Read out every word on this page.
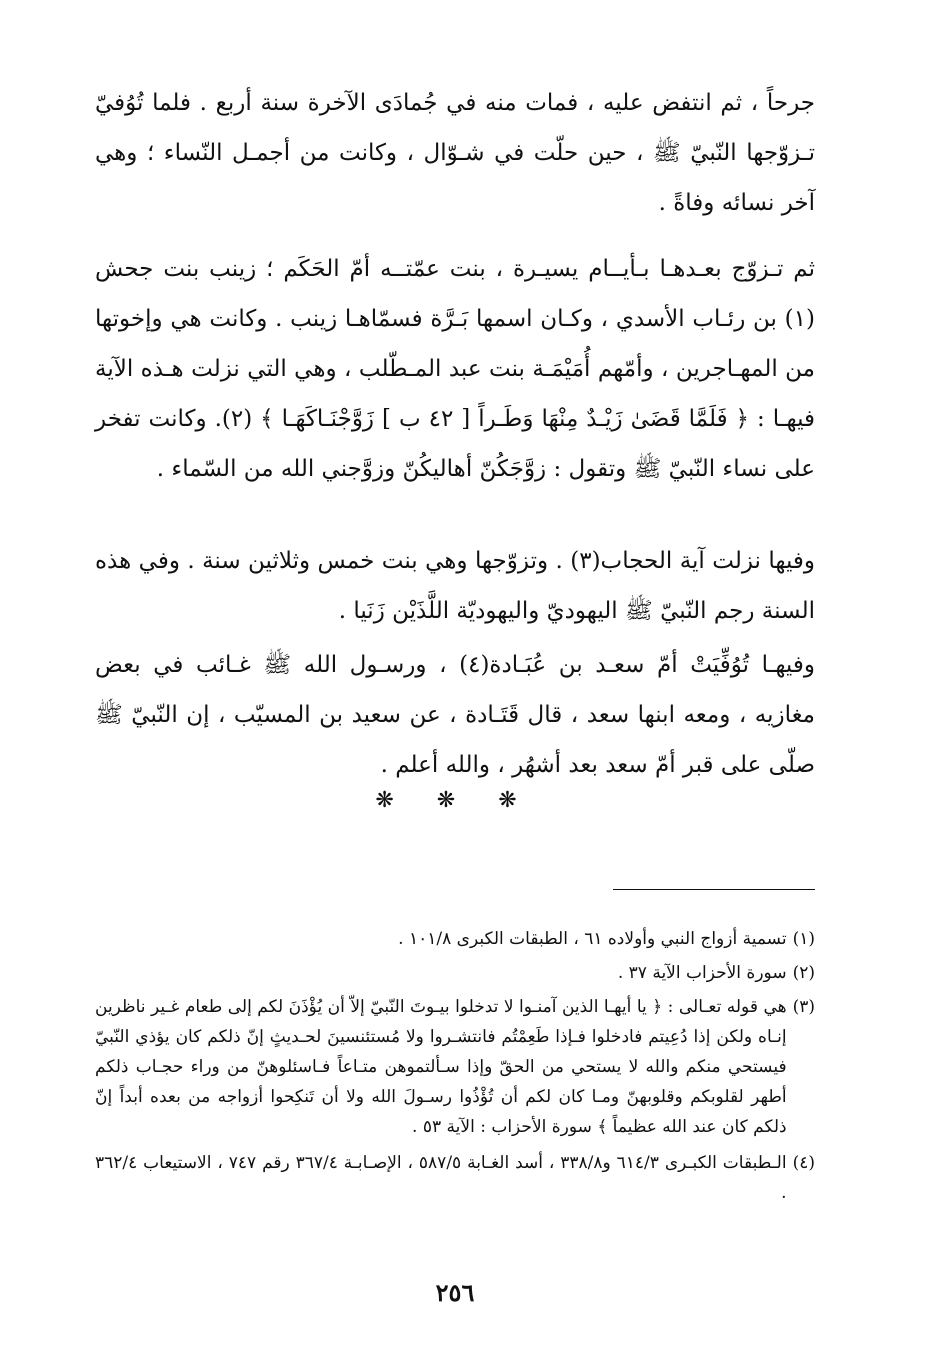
جرحاً ، ثم انتفض عليه ، فمات منه في جُمادَى الآخرة سنة أربع . فلما تُوُفيّ تـزوّجها النّبيّ ﷺ ، حين حلّت في شـوّال ، وكانت من أجمـل النّساء ؛ وهي آخر نسائه وفاةً .

ثم تـزوّج بعـدهـا بـأيــام يسيـرة ، بنت عمّتــه أمّ الحَكَم ؛ زينب بنت جحش (١) بن رئـاب الأسدي ، وكـان اسمها بَـرَّة فسمّاهـا زينب . وكانت هي وإخوتها من المهـاجرين ، وأمّهم أُمَيْمَـة بنت عبد المـطّلب ، وهي التي نزلت هـذه الآية فيهـا : ﴿ فَلَمَّا قَضَىٰ زَيْـدٌ مِنْهَا وَطَـراً [ ٤٢ ب ] زَوَّجْنَـاكَهَـا ﴾ (٢). وكانت تفخر على نساء النّبيّ ﷺ وتقول : زوَّجَكُنّ أهاليكُنّ وزوَّجني الله من السّماء .

وفيها نزلت آية الحجاب(٣) . وتزوّجها وهي بنت خمس وثلاثين سنة . وفي هذه السنة رجم النّبيّ ﷺ اليهوديّ واليهوديّة اللَّذَيْن زَنَيا .

وفيهـا تُوُفِّيَتْ أمّ سعـد بن عُبَـادة(٤) ، ورسـول الله ﷺ غـائب في بعض مغازيه ، ومعه ابنها سعد ، قال قَتَـادة ، عن سعيد بن المسيّب ، إن النّبيّ ﷺ صلّى على قبر أمّ سعد بعد أشهُر ، والله أعلم .

❋ ❋ ❋
(١)
تسمية أزواج النبي وأولاده ٦١ ، الطبقات الكبرى ١٠١/٨ .
(٢)
سورة الأحزاب الآية ٣٧ .
(٣)
هي قوله تعـالى : ﴿ يا أيهـا الذين آمنـوا لا تدخلوا بيـوتَ النّبيّ إلاّ أن يُؤْذَنَ لكم إلى طعام غـير ناظرين إنـاه ولكن إذا دُعِيتم فادخلوا فـإذا طَعِمْتُم فانتشـروا ولا مُستئنسينَ لحـديثٍ إنّ ذلكم كان يؤذي النّبيّ فيستحي منكم والله لا يستحي من الحقّ وإذا سـألتموهن متـاعاً فـاسئلوهنّ من وراء حجـاب ذلكم أطهر لقلوبكم وقلوبهنّ ومـا كان لكم أن تُؤْذُوا رسـولَ الله ولا أن تَنكِحوا أزواجه من بعده أبداً إنّ ذلكم كان عند الله عظيماً ﴾ سورة الأحزاب : الآية ٥٣ .
(٤)
الـطبقات الكبـرى ٦١٤/٣ و٣٣٨/٨ ، أسد الغـابة ٥٨٧/٥ ، الإصـابـة ٣٦٧/٤ رقم ٧٤٧ ، الاستيعاب ٣٦٢/٤ .
٢٥٦
